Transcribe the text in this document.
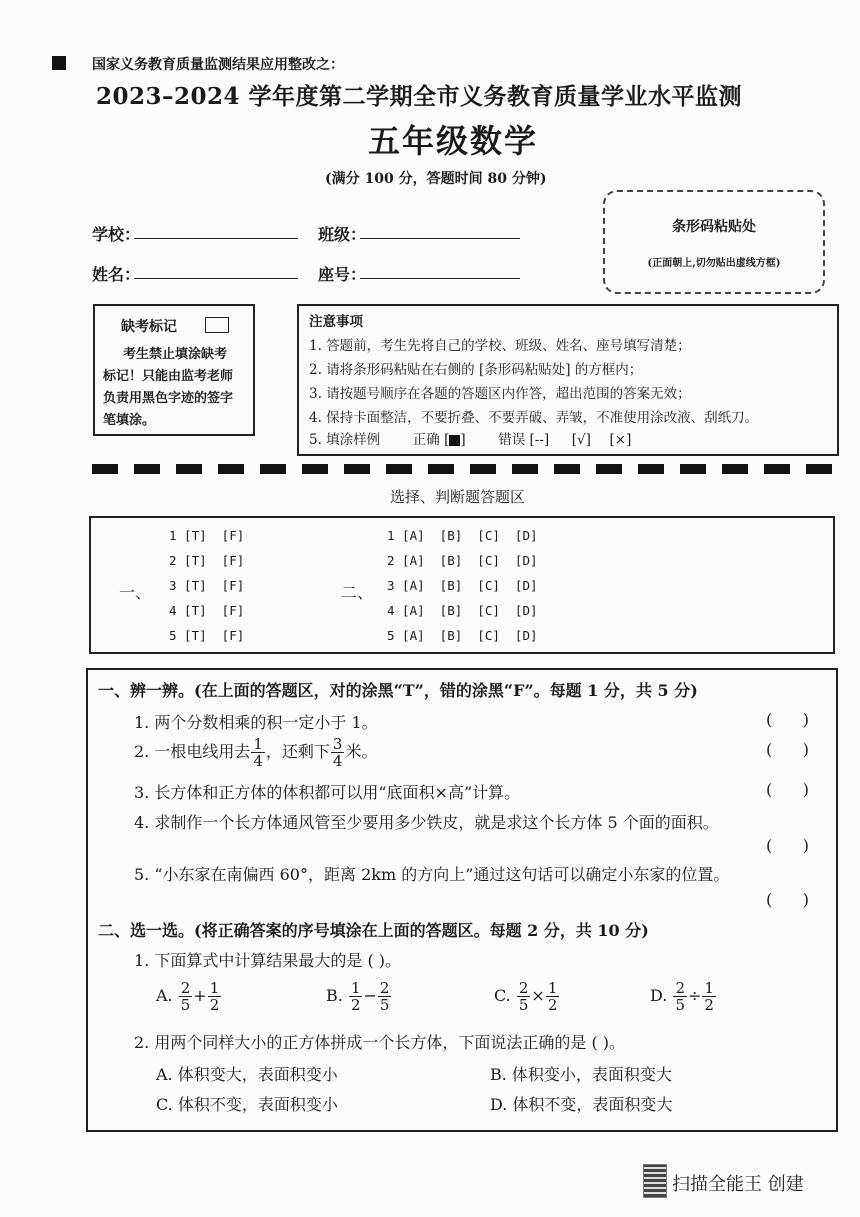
国家义务教育质量监测结果应用整改之：
2023–2024 学年度第二学期全市义务教育质量学业水平监测
五年级数学
(满分 100 分，答题时间 80 分钟)
学校：	班级：
姓名：	座号：
条形码粘贴处
(正面朝上,切勿贴出虚线方框)
缺考标记
考生禁止填涂缺考
标记！只能由监考老师
负责用黑色字迹的签字
笔填涂。
注意事项
1. 答题前，考生先将自己的学校、班级、姓名、座号填写清楚；
2. 请将条形码粘贴在右侧的 [条形码粘贴处] 的方框内；
3. 请按题号顺序在各题的答题区内作答，超出范围的答案无效；
4. 保持卡面整洁，不要折叠、不要弄破、弄皱，不准使用涂改液、刮纸刀。
5. 填涂样例 正确 [ ] 错误 [--] [√] [×]
选择、判断题答题区
一、
1 [T]  [F]
2 [T]  [F]
3 [T]  [F]
4 [T]  [F]
5 [T]  [F]
二、
1 [A]  [B]  [C]  [D]
2 [A]  [B]  [C]  [D]
3 [A]  [B]  [C]  [D]
4 [A]  [B]  [C]  [D]
5 [A]  [B]  [C]  [D]
一、辨一辨。(在上面的答题区，对的涂黑“T”，错的涂黑“F”。每题 1 分，共 5 分)
1. 两个分数相乘的积一定小于 1。	(      )
2. 一根电线用去 $\frac{1}{4}$ ，还剩下 $\frac{3}{4}$ 米。	(      )
3. 长方体和正方体的体积都可以用“底面积×高”计算。	(      )
4. 求制作一个长方体通风管至少要用多少铁皮，就是求这个长方体 5 个面的面积。
(      )
5. “小东家在南偏西 60°，距离 2km 的方向上”通过这句话可以确定小东家的位置。
(      )
二、选一选。(将正确答案的序号填涂在上面的答题区。每题 2 分，共 10 分)
1. 下面算式中计算结果最大的是 ( )。
A. $\frac{2}{5} + \frac{1}{2}$	B. $\frac{1}{2} - \frac{2}{5}$	C. $\frac{2}{5} \times \frac{1}{2}$	D. $\frac{2}{5} \div \frac{1}{2}$
2. 用两个同样大小的正方体拼成一个长方体，下面说法正确的是 ( )。
A. 体积变大，表面积变小	B. 体积变小，表面积变大
C. 体积不变，表面积变小	D. 体积不变，表面积变大
扫描全能王 创建
